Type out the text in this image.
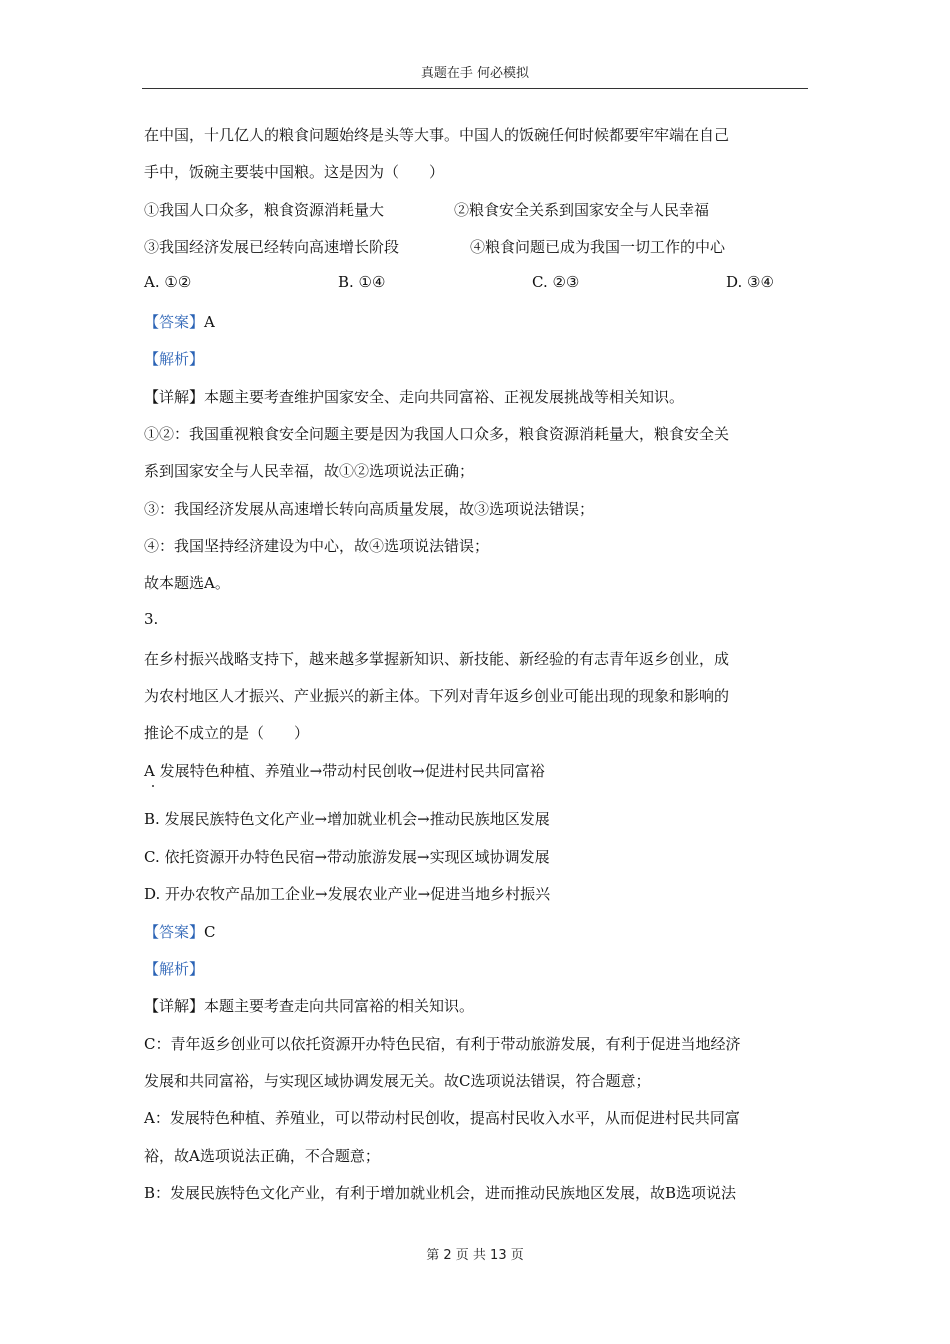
真题在手 何必模拟
在中国，十几亿人的粮食问题始终是头等大事。中国人的饭碗任何时候都要牢牢端在自己
手中，饭碗主要装中国粮。这是因为（　　）
①我国人口众多，粮食资源消耗量大	②粮食安全关系到国家安全与人民幸福
③我国经济发展已经转向高速增长阶段	④粮食问题已成为我国一切工作的中心
A. ①②	B. ①④	C. ②③	D. ③④
【答案】A
【解析】
【详解】本题主要考查维护国家安全、走向共同富裕、正视发展挑战等相关知识。
①②：我国重视粮食安全问题主要是因为我国人口众多，粮食资源消耗量大，粮食安全关
系到国家安全与人民幸福，故①②选项说法正确；
③：我国经济发展从高速增长转向高质量发展，故③选项说法错误；
④：我国坚持经济建设为中心，故④选项说法错误；
故本题选A。
3.
在乡村振兴战略支持下，越来越多掌握新知识、新技能、新经验的有志青年返乡创业，成
为农村地区人才振兴、产业振兴的新主体。下列对青年返乡创业可能出现的现象和影响的
推论不成立的是（　　）
A 发展特色种植、养殖业→带动村民创收→促进村民共同富裕
B. 发展民族特色文化产业→增加就业机会→推动民族地区发展
C. 依托资源开办特色民宿→带动旅游发展→实现区域协调发展
D. 开办农牧产品加工企业→发展农业产业→促进当地乡村振兴
【答案】C
【解析】
【详解】本题主要考查走向共同富裕的相关知识。
C：青年返乡创业可以依托资源开办特色民宿，有利于带动旅游发展，有利于促进当地经济
发展和共同富裕，与实现区域协调发展无关。故C选项说法错误，符合题意；
A：发展特色种植、养殖业，可以带动村民创收，提高村民收入水平，从而促进村民共同富
裕，故A选项说法正确，不合题意；
B：发展民族特色文化产业，有利于增加就业机会，进而推动民族地区发展，故B选项说法
第 2 页 共 13 页
